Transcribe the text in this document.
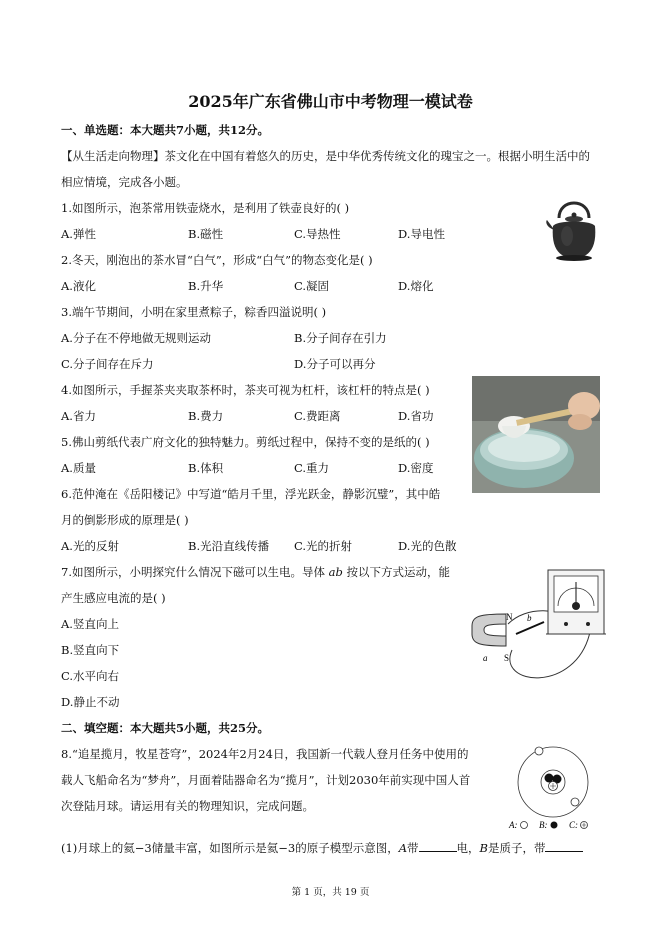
2025年广东省佛山市中考物理一模试卷
一、单选题：本大题共7小题，共12分。
【从生活走向物理】茶文化在中国有着悠久的历史，是中华优秀传统文化的瑰宝之一。根据小明生活中的
相应情境，完成各小题。
1.如图所示，泡茶常用铁壶烧水，是利用了铁壶良好的( )
A.弹性	B.磁性	C.导热性	D.导电性
2.冬天，刚泡出的茶水冒“白气”，形成“白气”的物态变化是( )
A.液化	B.升华	C.凝固	D.熔化
3.端午节期间，小明在家里煮粽子，粽香四溢说明( )
A.分子在不停地做无规则运动	B.分子间存在引力
C.分子间存在斥力	D.分子可以再分
4.如图所示，手握茶夹夹取茶杯时，茶夹可视为杠杆，该杠杆的特点是( )
A.省力	B.费力	C.费距离	D.省功
5.佛山剪纸代表广府文化的独特魅力。剪纸过程中，保持不变的是纸的( )
A.质量	B.体积	C.重力	D.密度
6.范仲淹在《岳阳楼记》中写道“皓月千里，浮光跃金，静影沉璧”，其中皓
月的倒影形成的原理是( )
A.光的反射	B.光沿直线传播 C.光的折射	D.光的色散
7.如图所示，小明探究什么情况下磁可以生电。导体 ab 按以下方式运动，能
产生感应电流的是( )
A.竖直向上
B.竖直向下
C.水平向右
D.静止不动
二、填空题：本大题共5小题，共25分。
8.“追星揽月，牧星苍穹”，2024年2月24日，我国新一代载人登月任务中使用的
载人飞船命名为“梦舟”，月面着陆器命名为“揽月”，计划2030年前实现中国人首
次登陆月球。请运用有关的物理知识，完成问题。
(1)月球上的氦−3储量丰富，如图所示是氦−3的原子模型示意图，A带	电，B是质子，带
N
S
a
b
A: B: C:
第 1 页，共 19 页
